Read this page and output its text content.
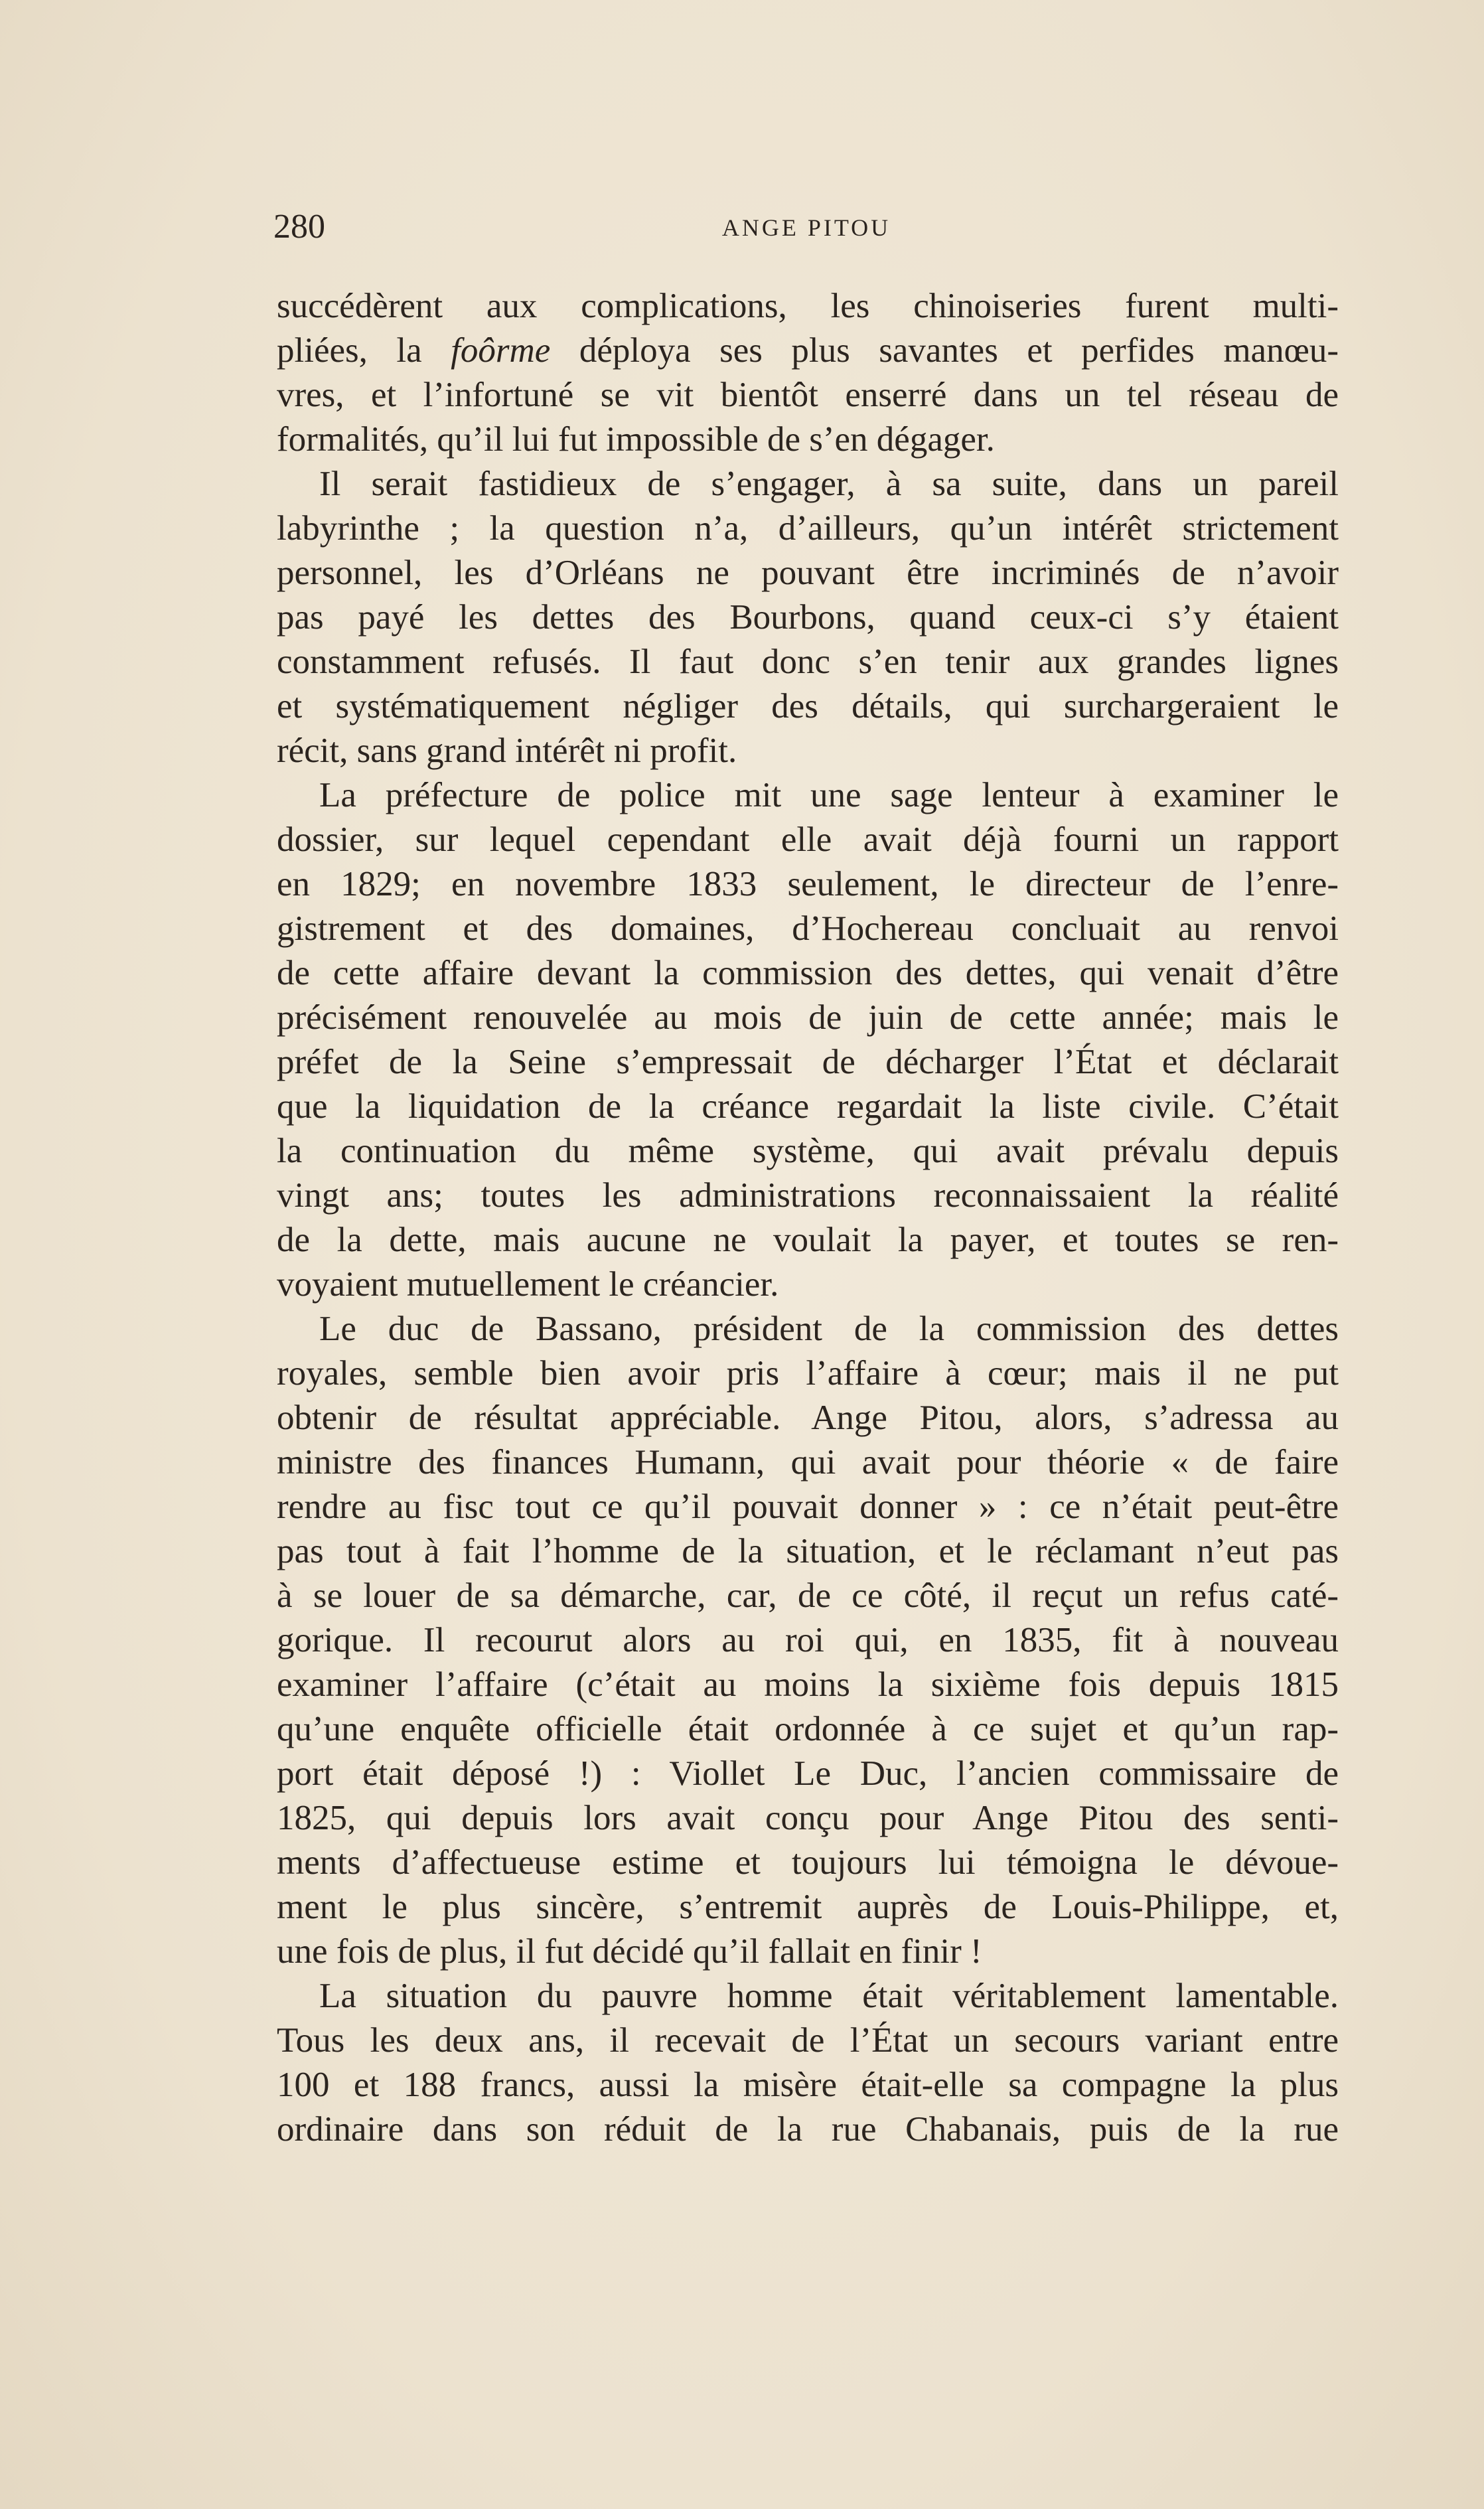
280	ANGE PITOU
succédèrent aux complications, les chinoiseries furent multi-
pliées, la foôrme déploya ses plus savantes et perfides manœu-
vres, et l’infortuné se vit bientôt enserré dans un tel réseau de
formalités, qu’il lui fut impossible de s’en dégager.
Il serait fastidieux de s’engager, à sa suite, dans un pareil
labyrinthe ; la question n’a, d’ailleurs, qu’un intérêt strictement
personnel, les d’Orléans ne pouvant être incriminés de n’avoir
pas payé les dettes des Bourbons, quand ceux-ci s’y étaient
constamment refusés. Il faut donc s’en tenir aux grandes lignes
et systématiquement négliger des détails, qui surchargeraient le
récit, sans grand intérêt ni profit.
La préfecture de police mit une sage lenteur à examiner le
dossier, sur lequel cependant elle avait déjà fourni un rapport
en 1829; en novembre 1833 seulement, le directeur de l’enre-
gistrement et des domaines, d’Hochereau concluait au renvoi
de cette affaire devant la commission des dettes, qui venait d’être
précisément renouvelée au mois de juin de cette année; mais le
préfet de la Seine s’empressait de décharger l’État et déclarait
que la liquidation de la créance regardait la liste civile. C’était
la continuation du même système, qui avait prévalu depuis
vingt ans; toutes les administrations reconnaissaient la réalité
de la dette, mais aucune ne voulait la payer, et toutes se ren-
voyaient mutuellement le créancier.
Le duc de Bassano, président de la commission des dettes
royales, semble bien avoir pris l’affaire à cœur; mais il ne put
obtenir de résultat appréciable. Ange Pitou, alors, s’adressa au
ministre des finances Humann, qui avait pour théorie « de faire
rendre au fisc tout ce qu’il pouvait donner » : ce n’était peut-être
pas tout à fait l’homme de la situation, et le réclamant n’eut pas
à se louer de sa démarche, car, de ce côté, il reçut un refus caté-
gorique. Il recourut alors au roi qui, en 1835, fit à nouveau
examiner l’affaire (c’était au moins la sixième fois depuis 1815
qu’une enquête officielle était ordonnée à ce sujet et qu’un rap-
port était déposé !) : Viollet Le Duc, l’ancien commissaire de
1825, qui depuis lors avait conçu pour Ange Pitou des senti-
ments d’affectueuse estime et toujours lui témoigna le dévoue-
ment le plus sincère, s’entremit auprès de Louis-Philippe, et,
une fois de plus, il fut décidé qu’il fallait en finir !
La situation du pauvre homme était véritablement lamentable.
Tous les deux ans, il recevait de l’État un secours variant entre
100 et 188 francs, aussi la misère était-elle sa compagne la plus
ordinaire dans son réduit de la rue Chabanais, puis de la rue
